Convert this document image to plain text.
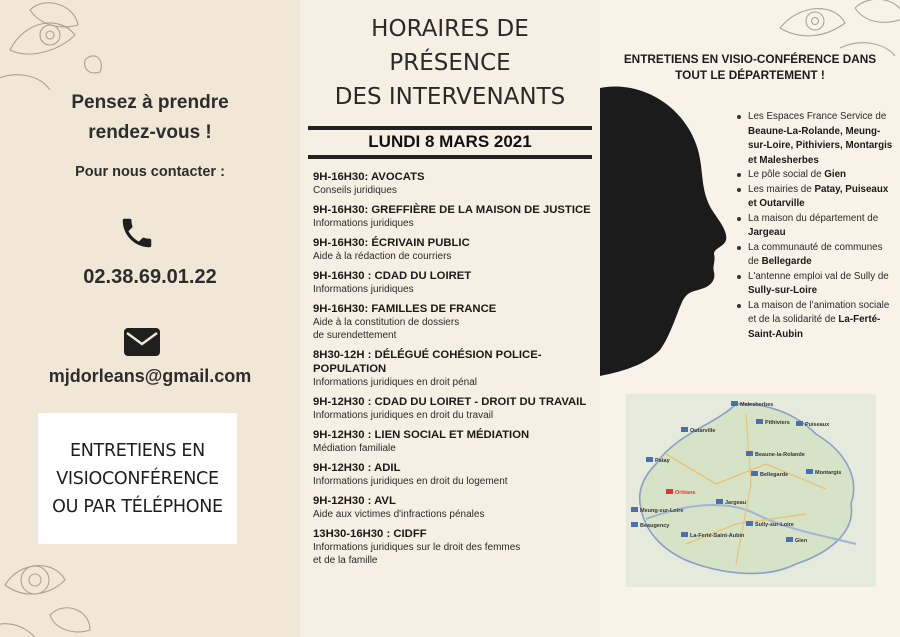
Pensez à prendre
rendez-vous !
Pour nous contacter :
02.38.69.01.22
mjdorleans@gmail.com
ENTRETIENS EN
VISIOCONFÉRENCE
OU PAR TÉLÉPHONE
HORAIRES DE
PRÉSENCE
DES INTERVENANTS
LUNDI 8 MARS 2021
9H-16H30: AVOCATS
Conseils juridiques
9H-16H30: GREFFIÈRE DE LA MAISON DE JUSTICE
Informations juridiques
9H-16H30: ÉCRIVAIN PUBLIC
Aide à la rédaction de courriers
9H-16H30 : CDAD DU LOIRET
Informations juridiques
9H-16H30: FAMILLES DE FRANCE
Aide à la constitution de dossiers
de surendettement
8H30-12H : DÉLÉGUÉ COHÉSION POLICE-POPULATION
Informations juridiques en droit pénal
9H-12H30 : CDAD DU LOIRET - DROIT DU TRAVAIL
Informations juridiques en droit du travail
9H-12H30 : LIEN SOCIAL ET MÉDIATION
Médiation familiale
9H-12H30 : ADIL
Informations juridiques en droit du logement
9H-12H30 : AVL
Aide aux victimes d'infractions pénales
13H30-16H30 : CIDFF
Informations juridiques sur le droit des femmes
et de la famille
ENTRETIENS EN VISIO-CONFÉRENCE DANS
TOUT LE DÉPARTEMENT !
Les Espaces France Service de Beaune-La-Rolande, Meung-sur-Loire, Pithiviers, Montargis et Malesherbes
Le pôle social de Gien
Les mairies de Patay, Puiseaux et Outarville
La maison du département de Jargeau
La communauté de communes de Bellegarde
L'antenne emploi val de Sully de Sully-sur-Loire
La maison de l'animation sociale et de la solidarité de La-Ferté-Saint-Aubin
Malesherbes
Outarville
Pithiviers	Puiseaux
Patay
Beaune-la-Rolande
Bellegarde	Montargis
Orléans
Meung-sur-Loire
Jargeau
Beaugency	Sully-sur-Loire
La-Ferté-Saint-Aubin
Gien
